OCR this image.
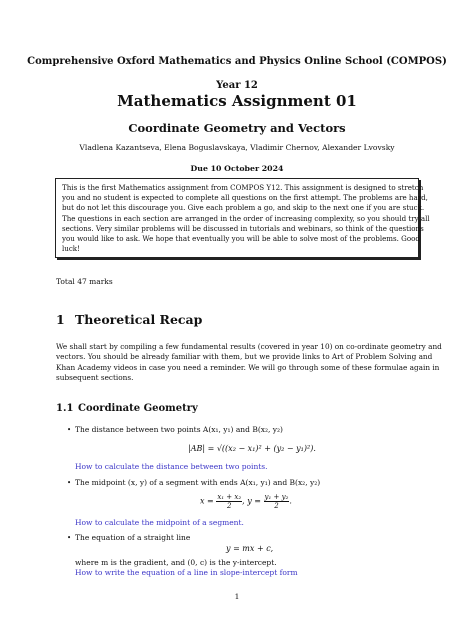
Comprehensive Oxford Mathematics and Physics Online School (COMPOS)
Year 12
Mathematics Assignment 01
Coordinate Geometry and Vectors
Vladlena Kazantseva, Elena Boguslavskaya, Vladimir Chernov, Alexander Lvovsky
Due 10 October 2024
This is the first Mathematics assignment from COMPOS Y12. This assignment is designed to stretch
you and no student is expected to complete all questions on the first attempt. The problems are hard,
but do not let this discourage you. Give each problem a go, and skip to the next one if you are stuck.
The questions in each section are arranged in the order of increasing complexity, so you should try all
sections. Very similar problems will be discussed in tutorials and webinars, so think of the questions
you would like to ask. We hope that eventually you will be able to solve most of the problems. Good
luck!
Total 47 marks
1 Theoretical Recap
We shall start by compiling a few fundamental results (covered in year 10) on co-ordinate geometry and
vectors. You should be already familiar with them, but we provide links to Art of Problem Solving and
Khan Academy videos in case you need a reminder. We will go through some of these formulae again in
subsequent sections.
1.1 Coordinate Geometry
• The distance between two points A(x₁, y₁) and B(x₂, y₂)
|AB| = √((x₂ − x₁)² + (y₂ − y₁)²).
How to calculate the distance between two points.
• The midpoint (x, y) of a segment with ends A(x₁, y₁) and B(x₂, y₂)
$x = \frac{\text{x₁ + x₂}}{2}$ , $y = \frac{\text{y₁ + y₂}}{2}$ .
How to calculate the midpoint of a segment.
• The equation of a straight line
y = mx + c,
where m is the gradient, and (0, c) is the y-intercept.
How to write the equation of a line in slope-intercept form
1
